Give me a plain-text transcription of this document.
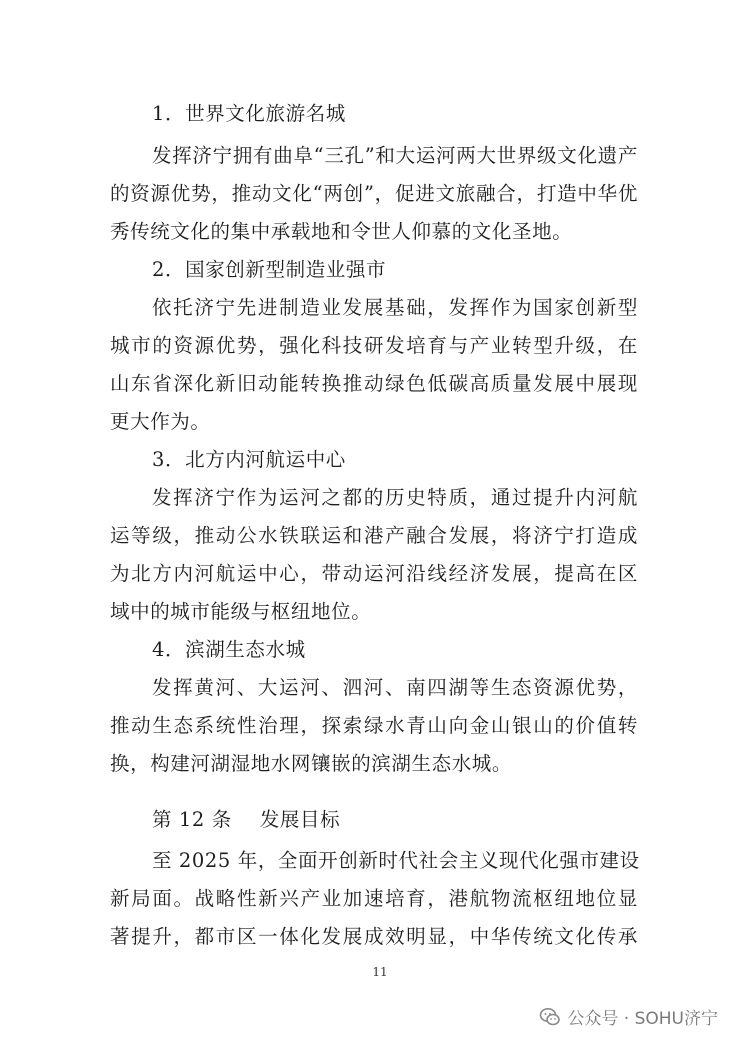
1．世界文化旅游名城
发挥济宁拥有曲阜“三孔”和大运河两大世界级文化遗产
的资源优势，推动文化“两创”，促进文旅融合，打造中华优
秀传统文化的集中承载地和令世人仰慕的文化圣地。
2．国家创新型制造业强市
依托济宁先进制造业发展基础，发挥作为国家创新型
城市的资源优势，强化科技研发培育与产业转型升级，在
山东省深化新旧动能转换推动绿色低碳高质量发展中展现
更大作为。
3．北方内河航运中心
发挥济宁作为运河之都的历史特质，通过提升内河航
运等级，推动公水铁联运和港产融合发展，将济宁打造成
为北方内河航运中心，带动运河沿线经济发展，提高在区
域中的城市能级与枢纽地位。
4．滨湖生态水城
发挥黄河、大运河、泗河、南四湖等生态资源优势，
推动生态系统性治理，探索绿水青山向金山银山的价值转
换，构建河湖湿地水网镶嵌的滨湖生态水城。
第 12 条 发展目标
至 2025 年，全面开创新时代社会主义现代化强市建设
新局面。战略性新兴产业加速培育，港航物流枢纽地位显
著提升，都市区一体化发展成效明显，中华传统文化传承
11
公众号 · SOHU济宁
